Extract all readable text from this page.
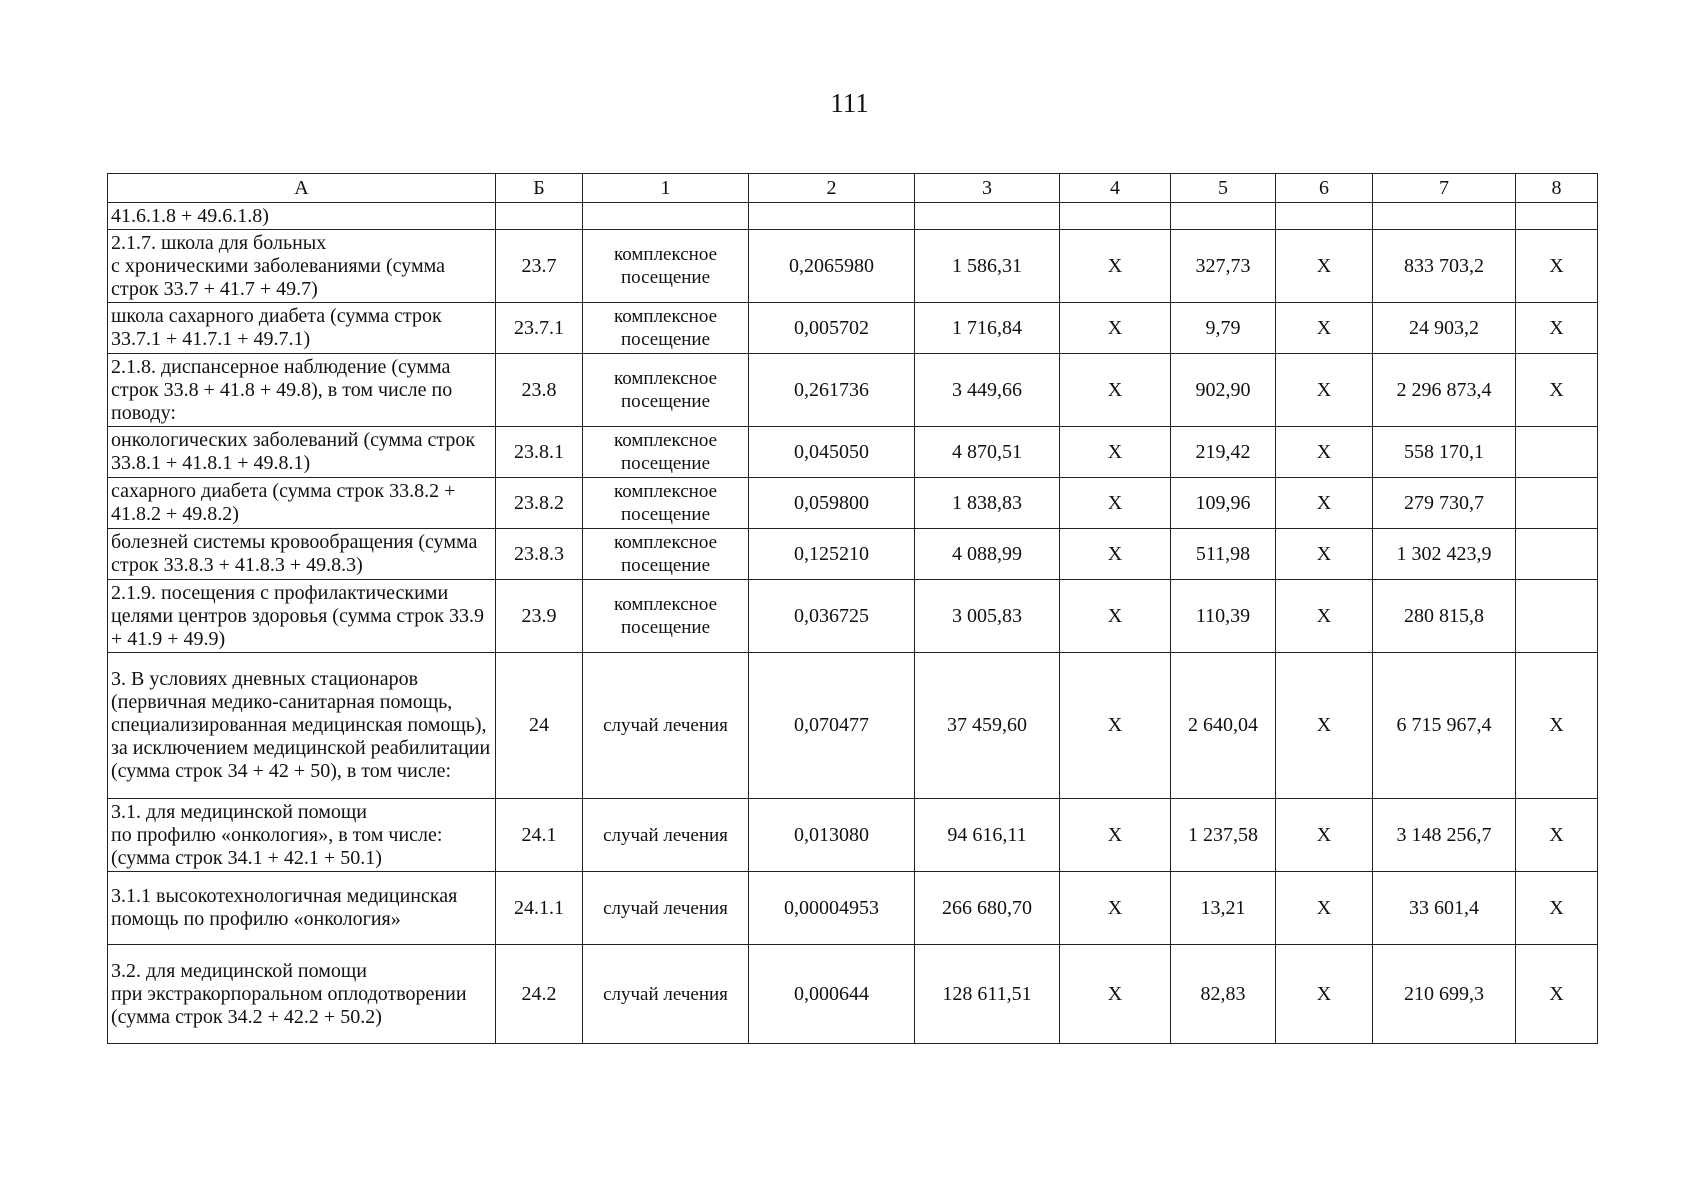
111
А	Б	1	2	3	4	5	6	7	8
41.6.1.8 + 49.6.1.8)									
2.1.7. школа для больных
с хроническими заболеваниями (сумма строк 33.7 + 41.7 + 49.7)	23.7	комплексное посещение	0,2065980	1 586,31	Х	327,73	Х	833 703,2	Х
школа сахарного диабета (сумма строк 33.7.1 + 41.7.1 + 49.7.1)	23.7.1	комплексное посещение	0,005702	1 716,84	Х	9,79	Х	24 903,2	Х
2.1.8. диспансерное наблюдение (сумма строк 33.8 + 41.8 + 49.8), в том числе по поводу:	23.8	комплексное посещение	0,261736	3 449,66	Х	902,90	Х	2 296 873,4	Х
онкологических заболеваний (сумма строк 33.8.1 + 41.8.1 + 49.8.1)	23.8.1	комплексное посещение	0,045050	4 870,51	Х	219,42	Х	558 170,1	
сахарного диабета (сумма строк 33.8.2 + 41.8.2 + 49.8.2)	23.8.2	комплексное посещение	0,059800	1 838,83	Х	109,96	Х	279 730,7	
болезней системы кровообращения (сумма строк 33.8.3 + 41.8.3 + 49.8.3)	23.8.3	комплексное посещение	0,125210	4 088,99	Х	511,98	Х	1 302 423,9	
2.1.9. посещения с профилактическими целями центров здоровья (сумма строк 33.9 + 41.9 + 49.9)	23.9	комплексное посещение	0,036725	3 005,83	Х	110,39	Х	280 815,8	
3. В условиях дневных стационаров (первичная медико-санитарная помощь, специализированная медицинская помощь), за исключением медицинской реабилитации (сумма строк 34 + 42 + 50), в том числе:	24	случай лечения	0,070477	37 459,60	Х	2 640,04	Х	6 715 967,4	Х
3.1. для медицинской помощи
по профилю «онкология», в том числе: (сумма строк 34.1 + 42.1 + 50.1)	24.1	случай лечения	0,013080	94 616,11	Х	1 237,58	Х	3 148 256,7	Х
3.1.1 высокотехнологичная медицинская помощь по профилю «онкология»	24.1.1	случай лечения	0,00004953	266 680,70	Х	13,21	Х	33 601,4	Х
3.2. для медицинской помощи
при экстракорпоральном оплодотворении (сумма строк 34.2 + 42.2 + 50.2)	24.2	случай лечения	0,000644	128 611,51	Х	82,83	Х	210 699,3	Х
